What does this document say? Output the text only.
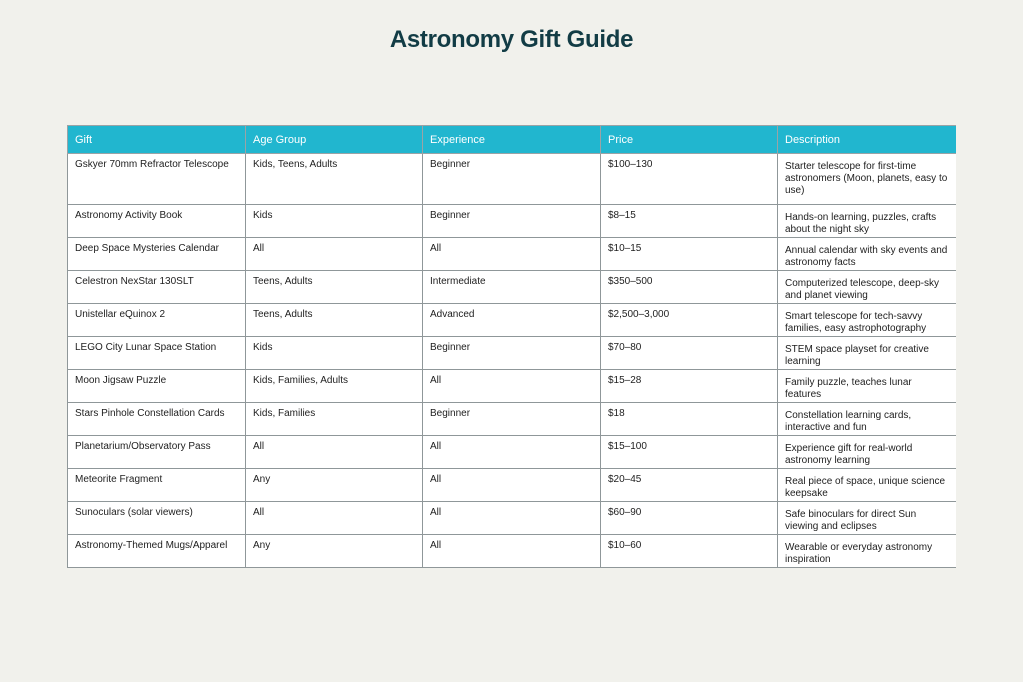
Astronomy Gift Guide
Gift	Age Group	Experience	Price	Description
Gskyer 70mm Refractor Telescope	Kids, Teens, Adults	Beginner	$100–130	Starter telescope for first-time astronomers (Moon, planets, easy to use)
Astronomy Activity Book	Kids	Beginner	$8–15	Hands-on learning, puzzles, crafts about the night sky
Deep Space Mysteries Calendar	All	All	$10–15	Annual calendar with sky events and astronomy facts
Celestron NexStar 130SLT	Teens, Adults	Intermediate	$350–500	Computerized telescope, deep-sky and planet viewing
Unistellar eQuinox 2	Teens, Adults	Advanced	$2,500–3,000	Smart telescope for tech-savvy families, easy astrophotography
LEGO City Lunar Space Station	Kids	Beginner	$70–80	STEM space playset for creative learning
Moon Jigsaw Puzzle	Kids, Families, Adults	All	$15–28	Family puzzle, teaches lunar features
Stars Pinhole Constellation Cards	Kids, Families	Beginner	$18	Constellation learning cards, interactive and fun
Planetarium/Observatory Pass	All	All	$15–100	Experience gift for real-world astronomy learning
Meteorite Fragment	Any	All	$20–45	Real piece of space, unique science keepsake
Sunoculars (solar viewers)	All	All	$60–90	Safe binoculars for direct Sun viewing and eclipses
Astronomy-Themed Mugs/Apparel	Any	All	$10–60	Wearable or everyday astronomy inspiration
